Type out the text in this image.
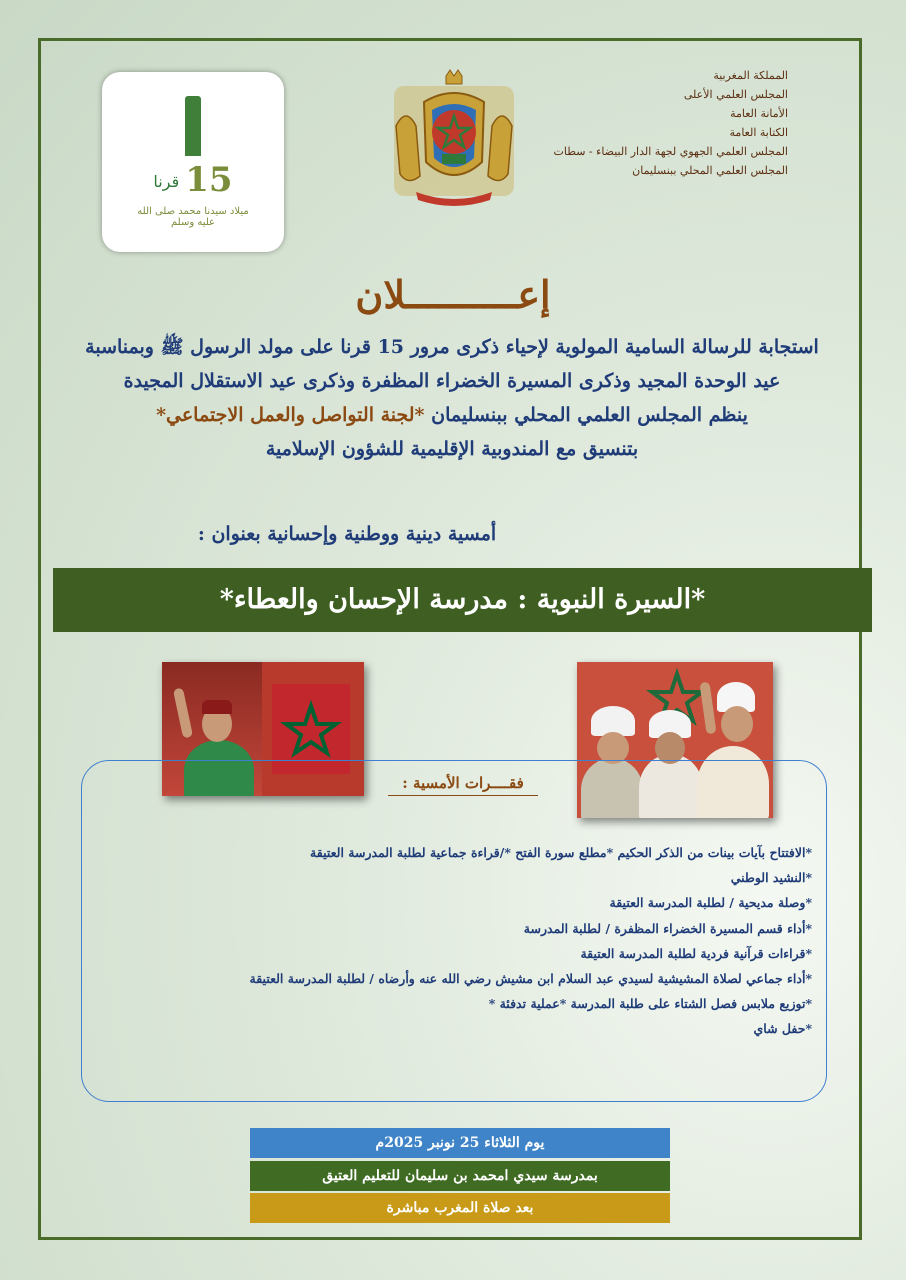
15
قرنا
ميلاد سيدنا محمد صلى الله عليه وسلم
المملكة المغربية
المجلس العلمي الأعلى
الأمانة العامة
الكتابة العامة
المجلس العلمي الجهوي لجهة الدار البيضاء - سطات
المجلس العلمي المحلي ببنسليمان
إعــــــــــلان
استجابة للرسالة السامية المولوية لإحياء ذكرى مرور 15 قرنا على مولد الرسول ﷺ وبمناسبة
عيد الوحدة المجيد وذكرى المسيرة الخضراء المظفرة وذكرى عيد الاستقلال المجيدة
ينظم المجلس العلمي المحلي ببنسليمان *لجنة التواصل والعمل الاجتماعي*
بتنسيق مع المندوبية الإقليمية للشؤون الإسلامية
أمسية دينية ووطنية وإحسانية بعنوان :
*السيرة النبوية : مدرسة الإحسان والعطاء*
فقــــرات الأمسية :
*الافتتاح بآيات بينات من الذكر الحكيم *مطلع سورة الفتح */قراءة جماعية لطلبة المدرسة العتيقة
*النشيد الوطني
*وصلة مديحية / لطلبة المدرسة العتيقة
*أداء قسم المسيرة الخضراء المظفرة / لطلبة المدرسة
*قراءات قرآنية فردية لطلبة المدرسة العتيقة
*أداء جماعي لصلاة المشيشية لسيدي عبد السلام ابن مشيش رضي الله عنه وأرضاه / لطلبة المدرسة العتيقة
*توزيع ملابس فصل الشتاء على طلبة المدرسة *عملية تدفئة *
*حفل شاي
يوم الثلاثاء 25 نونبر 2025م
بمدرسة سيدي امحمد بن سليمان للتعليم العتيق
بعد صلاة المغرب مباشرة
